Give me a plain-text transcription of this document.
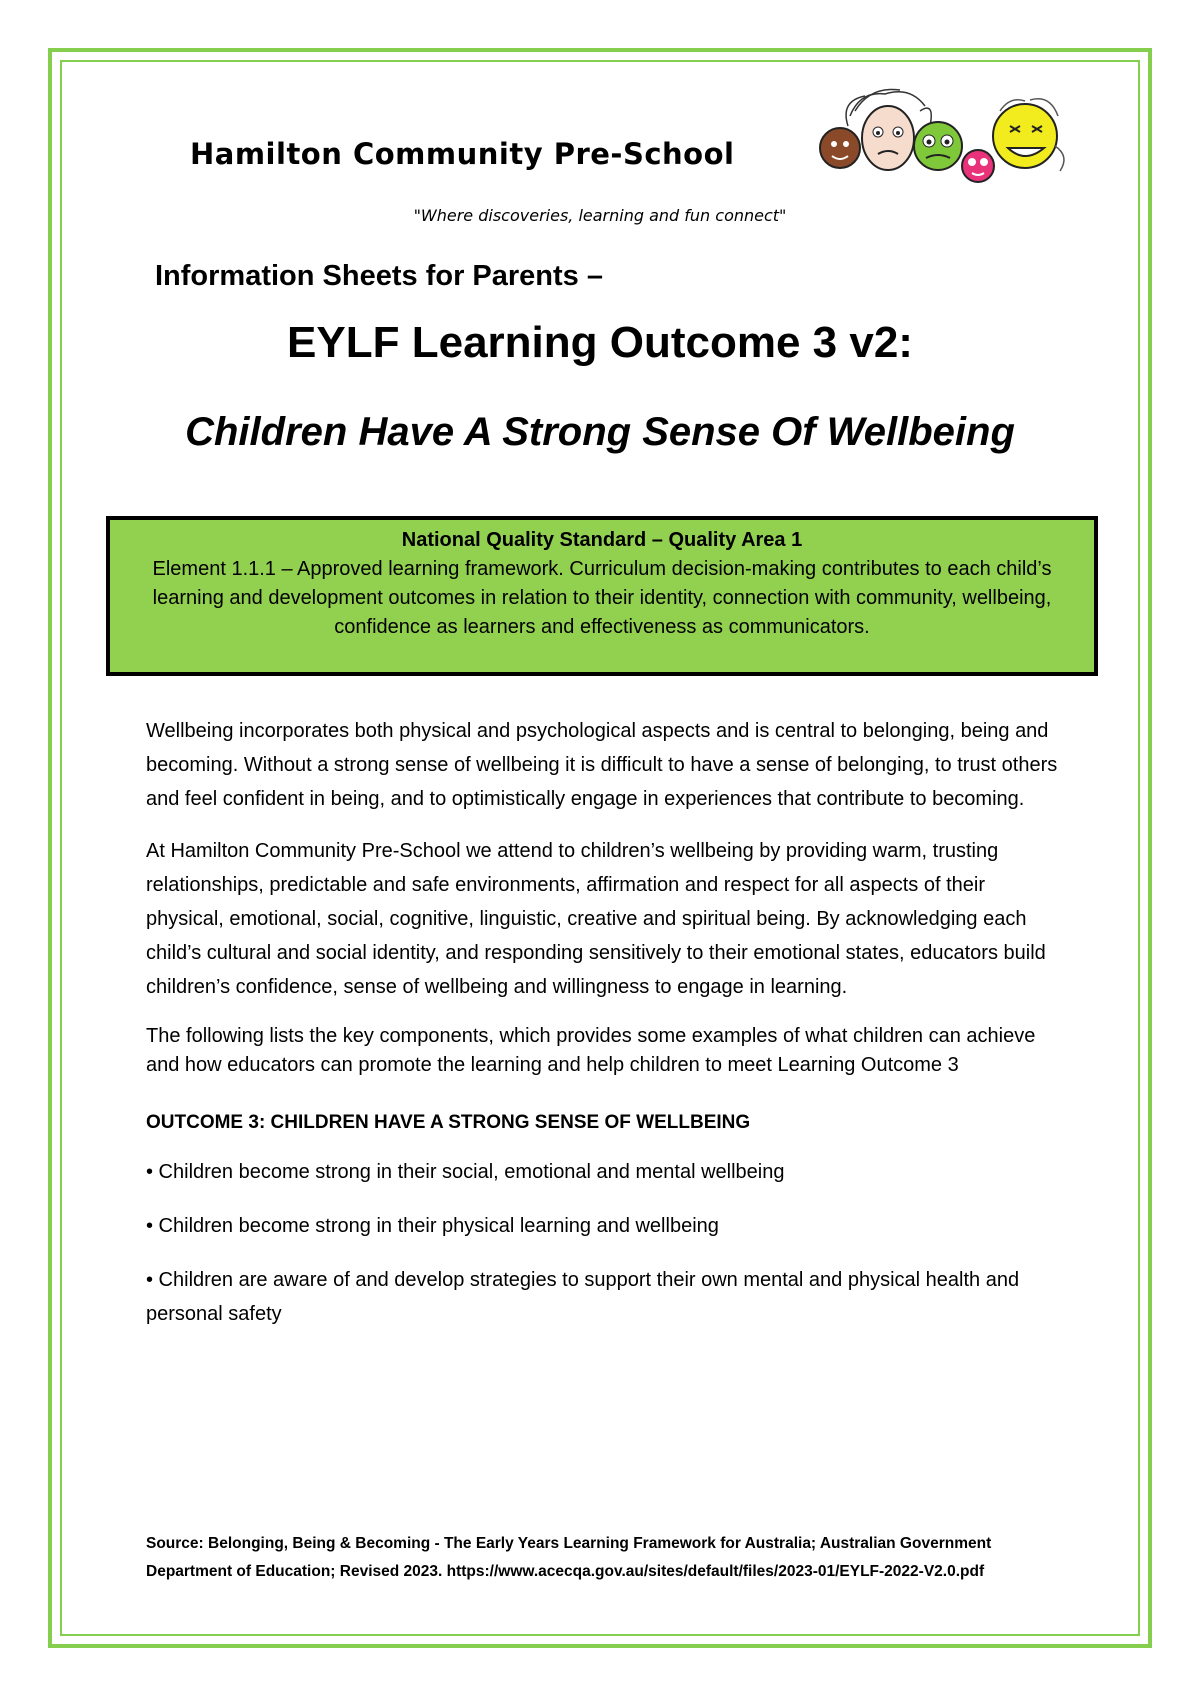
Hamilton Community Pre-School

"Where discoveries, learning and fun connect"

Information Sheets for Parents –
EYLF Learning Outcome 3 v2:
Children Have A Strong Sense Of Wellbeing
National Quality Standard – Quality Area 1
Element 1.1.1 – Approved learning framework. Curriculum decision-making contributes to each child’s learning and development outcomes in relation to their identity, connection with community, wellbeing, confidence as learners and effectiveness as communicators.

Wellbeing incorporates both physical and psychological aspects and is central to belonging, being and becoming. Without a strong sense of wellbeing it is difficult to have a sense of belonging, to trust others and feel confident in being, and to optimistically engage in experiences that contribute to becoming.

At Hamilton Community Pre-School we attend to children’s wellbeing by providing warm, trusting relationships, predictable and safe environments, affirmation and respect for all aspects of their physical, emotional, social, cognitive, linguistic, creative and spiritual being. By acknowledging each child’s cultural and social identity, and responding sensitively to their emotional states, educators build children’s confidence, sense of wellbeing and willingness to engage in learning.

The following lists the key components, which provides some examples of what children can achieve and how educators can promote the learning and help children to meet Learning Outcome 3

OUTCOME 3: CHILDREN HAVE A STRONG SENSE OF WELLBEING

• Children become strong in their social, emotional and mental wellbeing

• Children become strong in their physical learning and wellbeing

• Children are aware of and develop strategies to support their own mental and physical health and personal safety

Source: Belonging, Being & Becoming - The Early Years Learning Framework for Australia; Australian Government Department of Education; Revised 2023. https://www.acecqa.gov.au/sites/default/files/2023-01/EYLF-2022-V2.0.pdf
